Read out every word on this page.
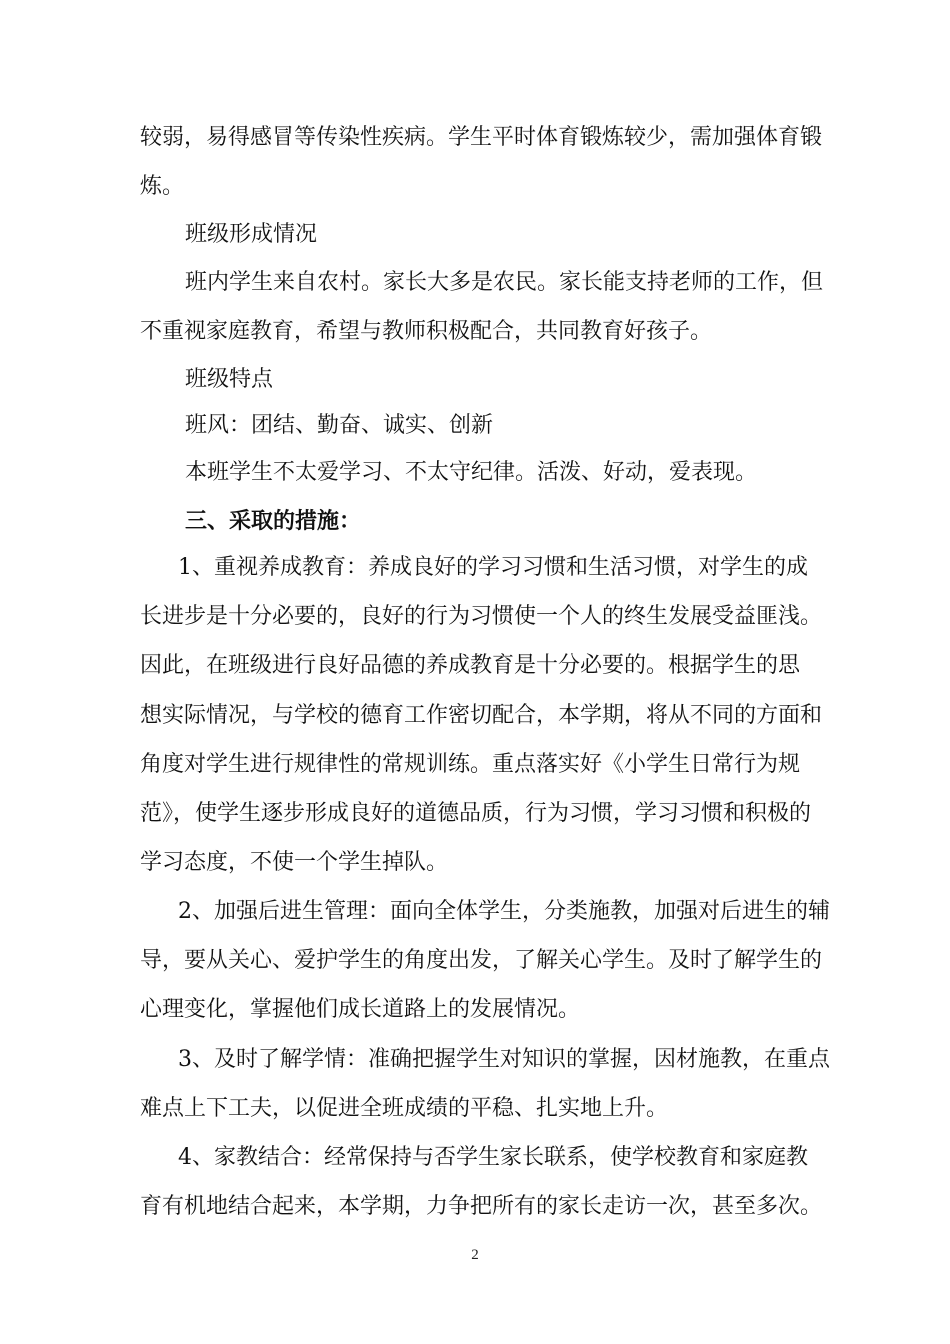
较弱，易得感冒等传染性疾病。学生平时体育锻炼较少，需加强体育锻
炼。
班级形成情况
班内学生来自农村。家长大多是农民。家长能支持老师的工作，但
不重视家庭教育，希望与教师积极配合，共同教育好孩子。
班级特点
班风：团结、勤奋、诚实、创新
本班学生不太爱学习、不太守纪律。活泼、好动，爱表现。
三、采取的措施：
1、重视养成教育：养成良好的学习习惯和生活习惯，对学生的成
长进步是十分必要的，良好的行为习惯使一个人的终生发展受益匪浅。
因此，在班级进行良好品德的养成教育是十分必要的。根据学生的思
想实际情况，与学校的德育工作密切配合，本学期，将从不同的方面和
角度对学生进行规律性的常规训练。重点落实好《小学生日常行为规
范》，使学生逐步形成良好的道德品质，行为习惯，学习习惯和积极的
学习态度，不使一个学生掉队。
2、加强后进生管理：面向全体学生，分类施教，加强对后进生的辅
导，要从关心、爱护学生的角度出发，了解关心学生。及时了解学生的
心理变化，掌握他们成长道路上的发展情况。
3、及时了解学情：准确把握学生对知识的掌握，因材施教，在重点
难点上下工夫，以促进全班成绩的平稳、扎实地上升。
4、家教结合：经常保持与否学生家长联系，使学校教育和家庭教
育有机地结合起来，本学期，力争把所有的家长走访一次，甚至多次。
2
